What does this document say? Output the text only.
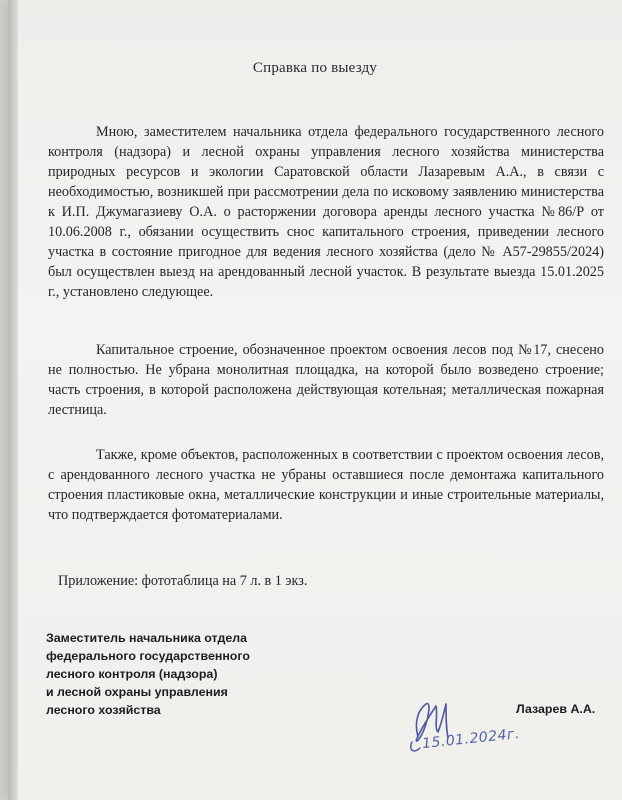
Справка по выезду
Мною, заместителем начальника отдела федерального государственного лесного контроля (надзора) и лесной охраны управления лесного хозяйства министерства природных ресурсов и экологии Саратовской области Лазаревым А.А., в связи с необходимостью, возникшей при рассмотрении дела по исковому заявлению министерства к И.П. Джумагазиеву О.А. о расторжении договора аренды лесного участка №86/Р от 10.06.2008 г., обязании осуществить снос капитального строения, приведении лесного участка в состояние пригодное для ведения лесного хозяйства (дело № А57-29855/2024) был осуществлен выезд на арендованный лесной участок. В результате выезда 15.01.2025 г., установлено следующее.
Капитальное строение, обозначенное проектом освоения лесов под №17, снесено не полностью. Не убрана монолитная площадка, на которой было возведено строение; часть строения, в которой расположена действующая котельная; металлическая пожарная лестница.
Также, кроме объектов, расположенных в соответствии с проектом освоения лесов, с арендованного лесного участка не убраны оставшиеся после демонтажа капитального строения пластиковые окна, металлические конструкции и иные строительные материалы, что подтверждается фотоматериалами.
Приложение: фототаблица на 7 л. в 1 экз.
Заместитель начальника отдела
федерального государственного
лесного контроля (надзора)
и лесной охраны управления
лесного хозяйства
15.01.2024г.
Лазарев А.А.
